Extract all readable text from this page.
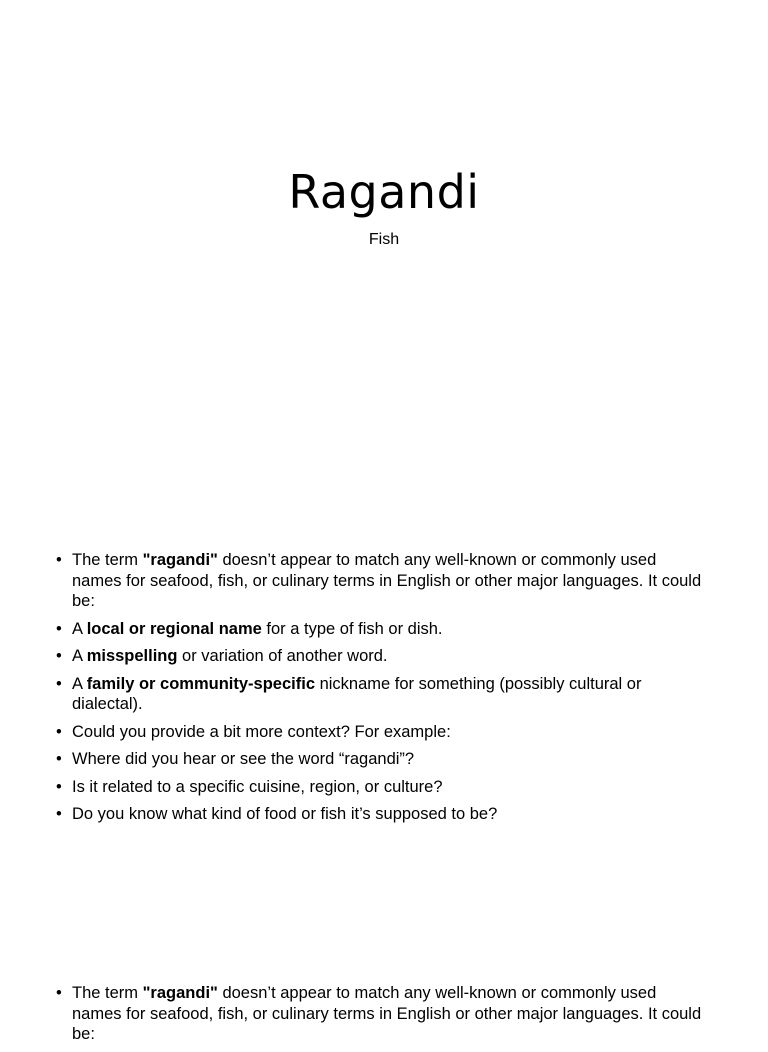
Ragandi
Fish
• The term "ragandi" doesn’t appear to match any well-known or commonly used names for seafood, fish, or culinary terms in English or other major languages. It could be:
• A local or regional name for a type of fish or dish.
• A misspelling or variation of another word.
• A family or community-specific nickname for something (possibly cultural or dialectal).
• Could you provide a bit more context? For example:
• Where did you hear or see the word “ragandi”?
• Is it related to a specific cuisine, region, or culture?
• Do you know what kind of food or fish it’s supposed to be?
• The term "ragandi" doesn’t appear to match any well-known or commonly used names for seafood, fish, or culinary terms in English or other major languages. It could be:
